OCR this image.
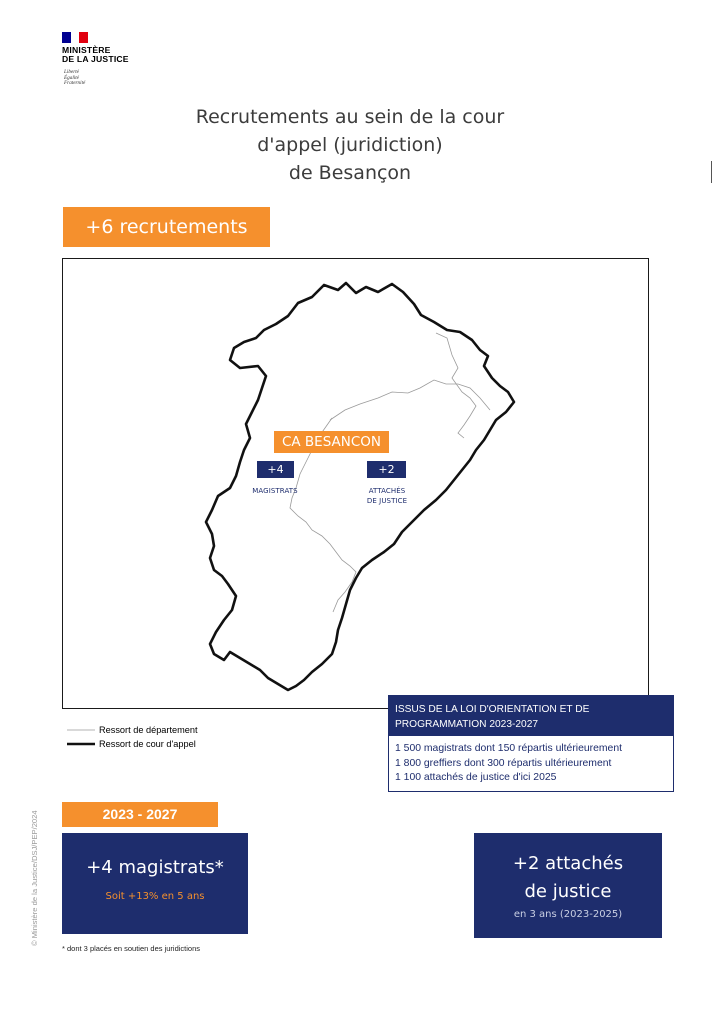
MINISTÈRE
DE LA JUSTICE
Liberté
Égalité
Fraternité
Recrutements au sein de la cour
d'appel (juridiction)
de Besançon
+6 recrutements
CA BESANCON
+4	+2
MAGISTRATS	ATTACHÉS
DE JUSTICE
Ressort de département
Ressort de cour d'appel
ISSUS DE LA LOI D'ORIENTATION ET DE
PROGRAMMATION 2023-2027
1 500 magistrats dont 150 répartis ultérieurement
1 800 greffiers dont 300 répartis ultérieurement
1 100 attachés de justice d'ici 2025
© Ministère de la Justice/DSJ/PEP/2024	2023 - 2027
+4 magistrats*
Soit +13% en 5 ans
+2 attachés
de justice
en 3 ans (2023-2025)
* dont 3 placés en soutien des juridictions
